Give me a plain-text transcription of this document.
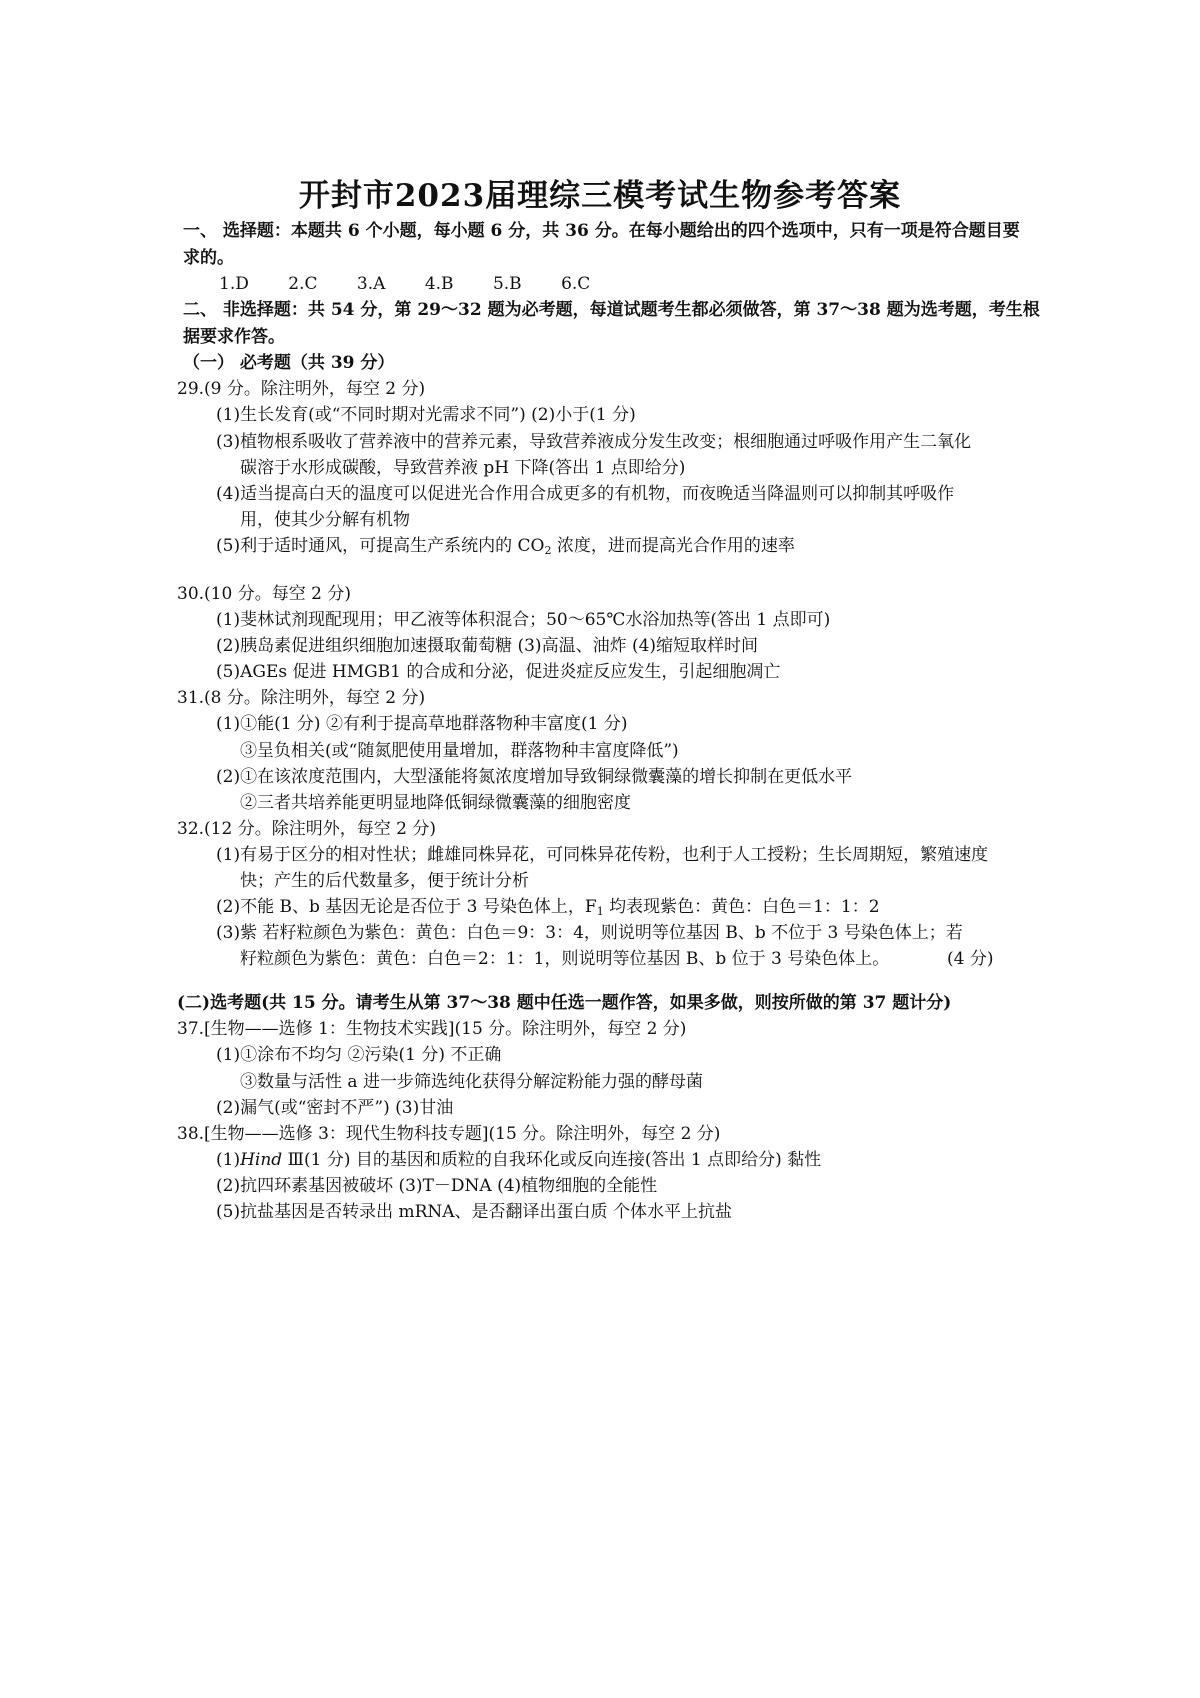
开封市2023届理综三模考试生物参考答案
一、 选择题：本题共 6 个小题，每小题 6 分，共 36 分。在每小题给出的四个选项中，只有一项是符合题目要
求的。
1.D 2.C 3.A 4.B 5.B 6.C
二、 非选择题：共 54 分，第 29～32 题为必考题，每道试题考生都必须做答，第 37～38 题为选考题，考生根
据要求作答。
（一） 必考题（共 39 分）
29.(9 分。除注明外，每空 2 分)
(1)生长发育(或“不同时期对光需求不同”) (2)小于(1 分)
(3)植物根系吸收了营养液中的营养元素，导致营养液成分发生改变；根细胞通过呼吸作用产生二氧化
碳溶于水形成碳酸，导致营养液 pH 下降(答出 1 点即给分)
(4)适当提高白天的温度可以促进光合作用合成更多的有机物，而夜晚适当降温则可以抑制其呼吸作
用，使其少分解有机物
(5)利于适时通风，可提高生产系统内的 $CO_2$ 浓度，进而提高光合作用的速率
30.(10 分。每空 2 分)
(1)斐林试剂现配现用；甲乙液等体积混合；50～65℃水浴加热等(答出 1 点即可)
(2)胰岛素促进组织细胞加速摄取葡萄糖 (3)高温、油炸 (4)缩短取样时间
(5)AGEs 促进 HMGB1 的合成和分泌，促进炎症反应发生，引起细胞凋亡
31.(8 分。除注明外，每空 2 分)
(1)①能(1 分) ②有利于提高草地群落物种丰富度(1 分)
③呈负相关(或“随氮肥使用量增加，群落物种丰富度降低”)
(2)①在该浓度范围内，大型溞能将氮浓度增加导致铜绿微囊藻的增长抑制在更低水平
②三者共培养能更明显地降低铜绿微囊藻的细胞密度
32.(12 分。除注明外，每空 2 分)
(1)有易于区分的相对性状；雌雄同株异花，可同株异花传粉，也利于人工授粉；生长周期短，繁殖速度
快；产生的后代数量多，便于统计分析
(2)不能 B、b 基因无论是否位于 3 号染色体上，$F_1$ 均表现紫色：黄色：白色＝1：1：2
(3)紫 若籽粒颜色为紫色：黄色：白色＝9：3：4，则说明等位基因 B、b 不位于 3 号染色体上；若
籽粒颜色为紫色：黄色：白色＝2：1：1，则说明等位基因 B、b 位于 3 号染色体上。	(4 分)
(二)选考题(共 15 分。请考生从第 37～38 题中任选一题作答，如果多做，则按所做的第 37 题计分)
37.[生物——选修 1：生物技术实践](15 分。除注明外，每空 2 分)
(1)①涂布不均匀 ②污染(1 分) 不正确
③数量与活性 a 进一步筛选纯化获得分解淀粉能力强的酵母菌
(2)漏气(或“密封不严”) (3)甘油
38.[生物——选修 3：现代生物科技专题](15 分。除注明外，每空 2 分)
(1)Hind Ⅲ(1 分) 目的基因和质粒的自我环化或反向连接(答出 1 点即给分) 黏性
(2)抗四环素基因被破坏 (3)T－DNA (4)植物细胞的全能性
(5)抗盐基因是否转录出 mRNA、是否翻译出蛋白质 个体水平上抗盐
